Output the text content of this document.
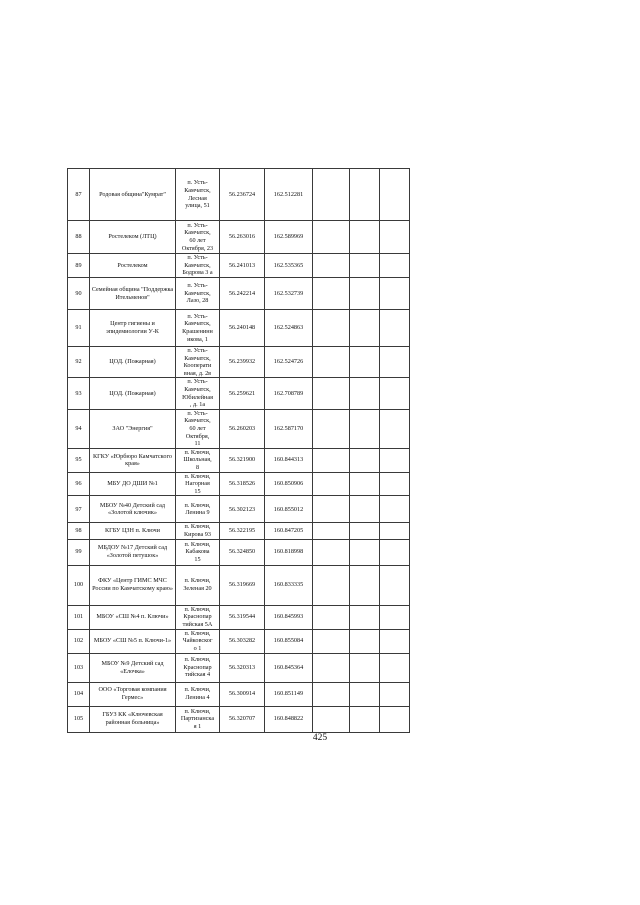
87	Родовая община"Кумрат"	п. Усть-
Камчатск,
Лесная
улица, 51	56.236724	162.512281			
88	Ростелеком (ЛТЦ)	п. Усть-
Камчатск,
60 лет
Октября, 23	56.263016	162.589969			
89	Ростелеком	п. Усть-
Камчатск,
Бодрова 3 а	56.241013	162.535365			
90	Семейная община "Поддержка Ительменов"	п. Усть-
Камчатск,
Лазо, 28	56.242214	162.532739			
91	Центр гигиены и эпидемиологии У-К	п. Усть-
Камчатск,
Крашенинн
икова, 1	56.240148	162.524863			
92	ЦОД. (Пожарная)	п. Усть-
Камчатск,
Кооперати
вная, д. 2в	56.239932	162.524726			
93	ЦОД. (Пожарная)	п. Усть-
Камчатск,
Юбилейная
, д. 1а	56.259621	162.708789			
94	ЗАО "Энергия"	п. Усть-
Камчатск,
60 лет
Октября,
11	56.260203	162.587170			
95	КГКУ «Юрбюро Камчатского края»	п. Ключи,
Школьная,
8	56.321900	160.844313			
96	МБУ ДО ДШИ №1	п. Ключи,
Нагорная
15	56.318526	160.850906			
97	МБОУ №40 Детский сад «Золотой ключик»	п. Ключи,
Ленина 9	56.302123	160.855012			
98	КГБУ ЦЗН п. Ключи	п. Ключи,
Кирова 93	56.322195	160.847205			
99	МБДОУ №17 Детский сад «Золотой петушок»	п. Ключи,
Кабакова
15	56.324850	160.818998			
100	ФКУ «Центр ГИМС МЧС России по Камчатскому краю»	п. Ключи,
Зеленая 20	56.319669	160.833335			
101	МБОУ «СШ №4 п. Ключи»	п. Ключи,
Краснопар
тийская 5А	56.319544	160.845993			
102	МБОУ «СШ №5 п. Ключи-1»	п. Ключи,
Чайковског
о 1	56.303282	160.855084			
103	МБОУ №9 Детский сад «Елочка»	п. Ключи,
Краснопар
тийская 4	56.320313	160.845364			
104	ООО «Торговая компания Гермес»	п. Ключи,
Ленина 4	56.300914	160.851149			
105	ГБУЗ КК «Ключевская районная больница»	п. Ключи,
Партизанска
я 1	56.320707	160.848822			
425
